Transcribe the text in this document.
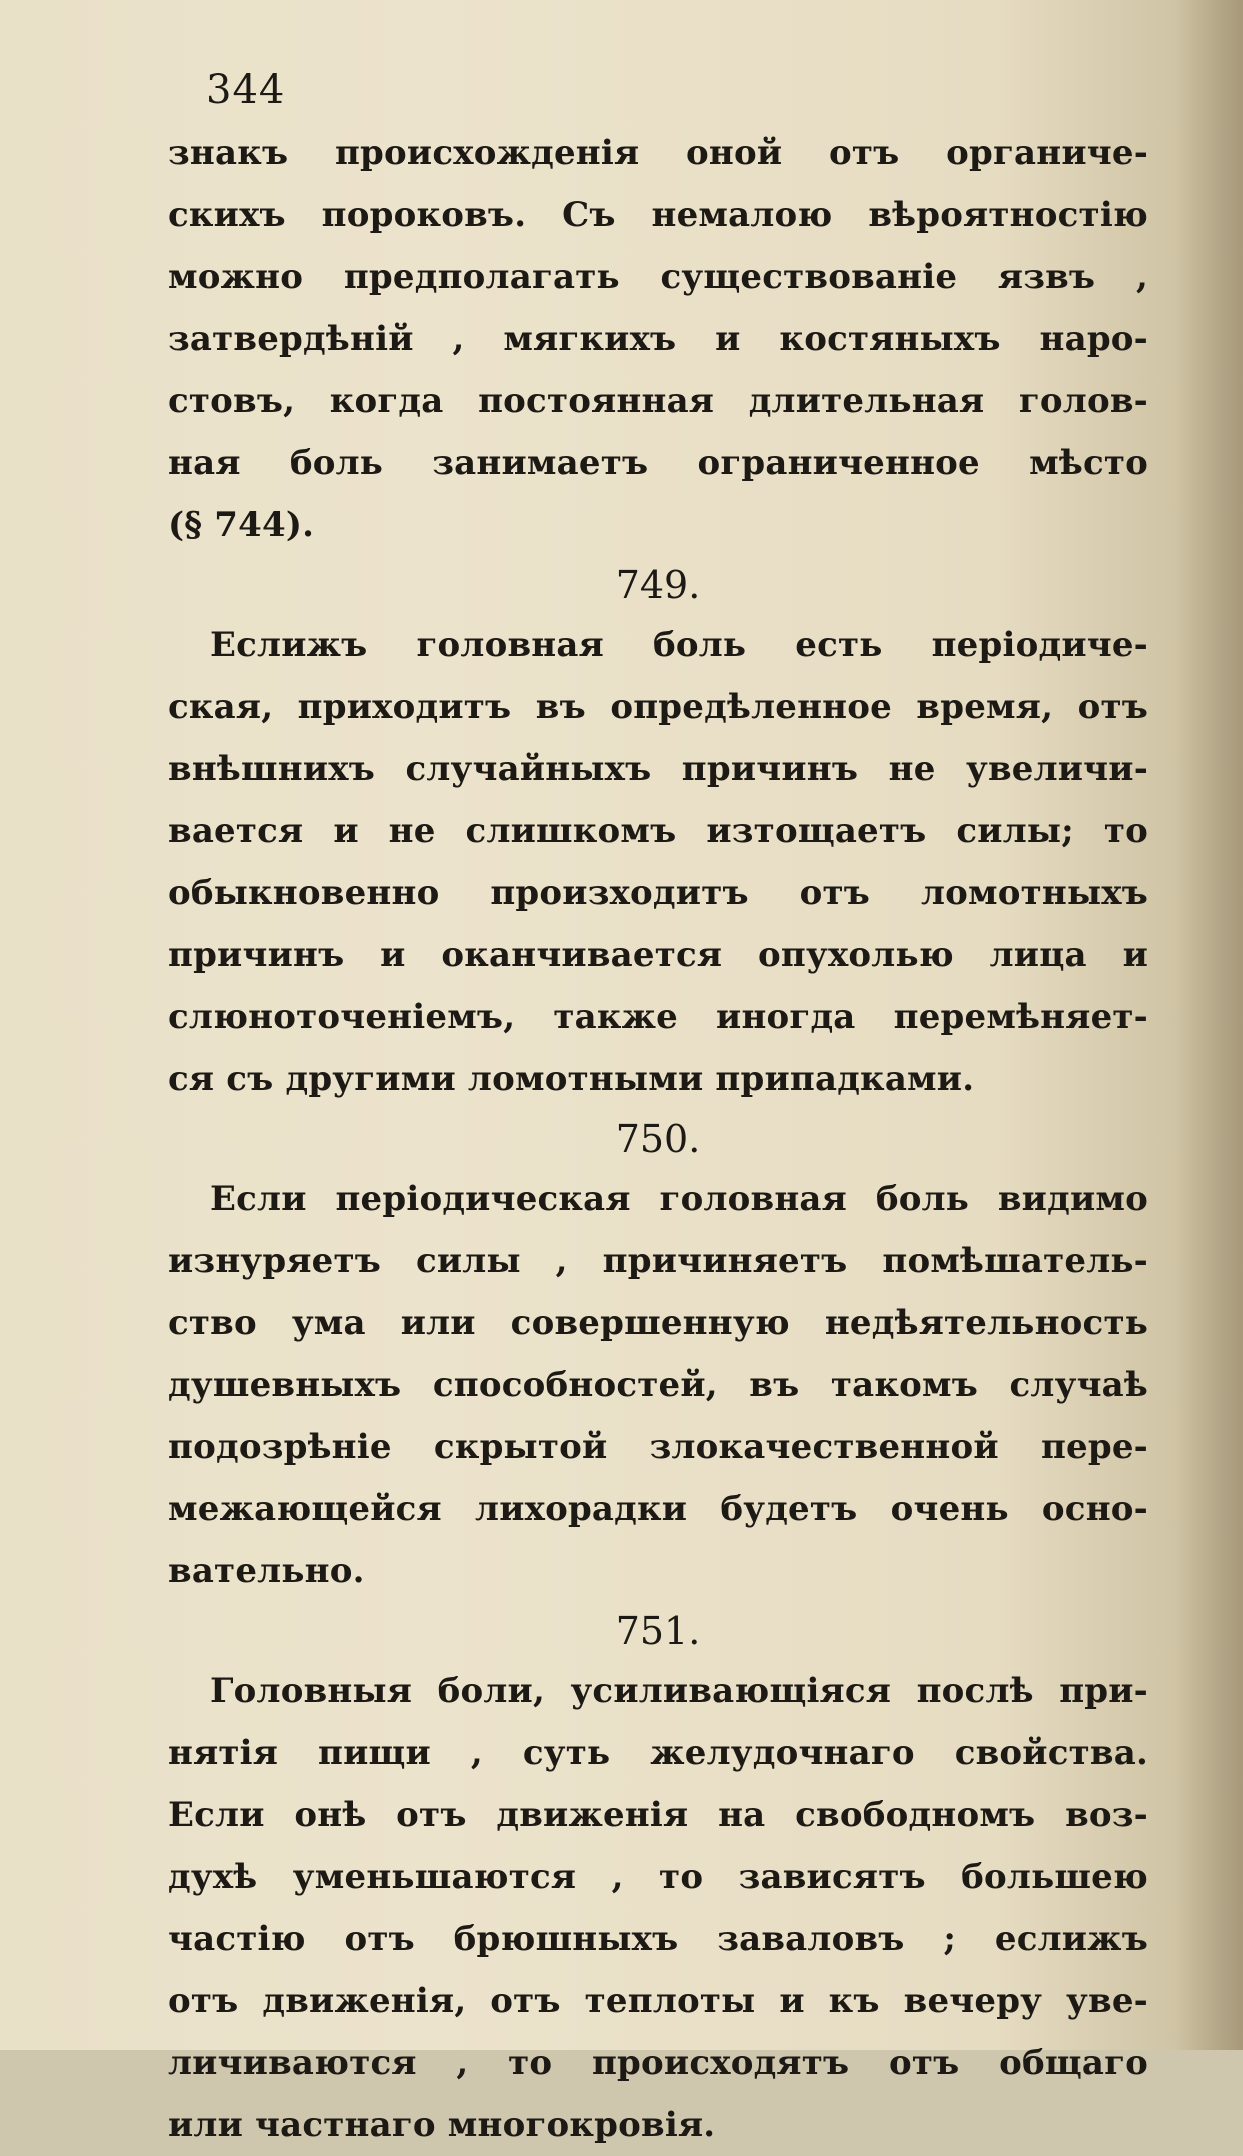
344
знакъ происхожденія оной отъ органиче-
скихъ пороковъ. Съ немалою вѣроятностію
можно предполагать существованіе язвъ ,
затвердѣній , мягкихъ и костяныхъ наро-
стовъ, когда постоянная длительная голов-
ная боль занимаетъ ограниченное мѣсто
(§ 744).
749.
Еслижъ головная боль есть періодиче-
ская, приходитъ въ опредѣленное время, отъ
внѣшнихъ случайныхъ причинъ не увеличи-
вается и не слишкомъ изтощаетъ силы; то
обыкновенно произходитъ отъ ломотныхъ
причинъ и оканчивается опухолью лица и
слюноточеніемъ, также иногда перемѣняет-
ся съ другими ломотными припадками.
750.
Если періодическая головная боль видимо
изнуряетъ силы , причиняетъ помѣшатель-
ство ума или совершенную недѣятельность
душевныхъ способностей, въ такомъ случаѣ
подозрѣніе скрытой злокачественной пере-
межающейся лихорадки будетъ очень осно-
вательно.
751.
Головныя боли, усиливающіяся послѣ при-
нятія пищи , суть желудочнаго свойства.
Если онѣ отъ движенія на свободномъ воз-
духѣ уменьшаются , то зависятъ большею
частію отъ брюшныхъ заваловъ ; еслижъ
отъ движенія, отъ теплоты и къ вечеру уве-
личиваются , то происходятъ отъ общаго
или частнаго многокровія.
